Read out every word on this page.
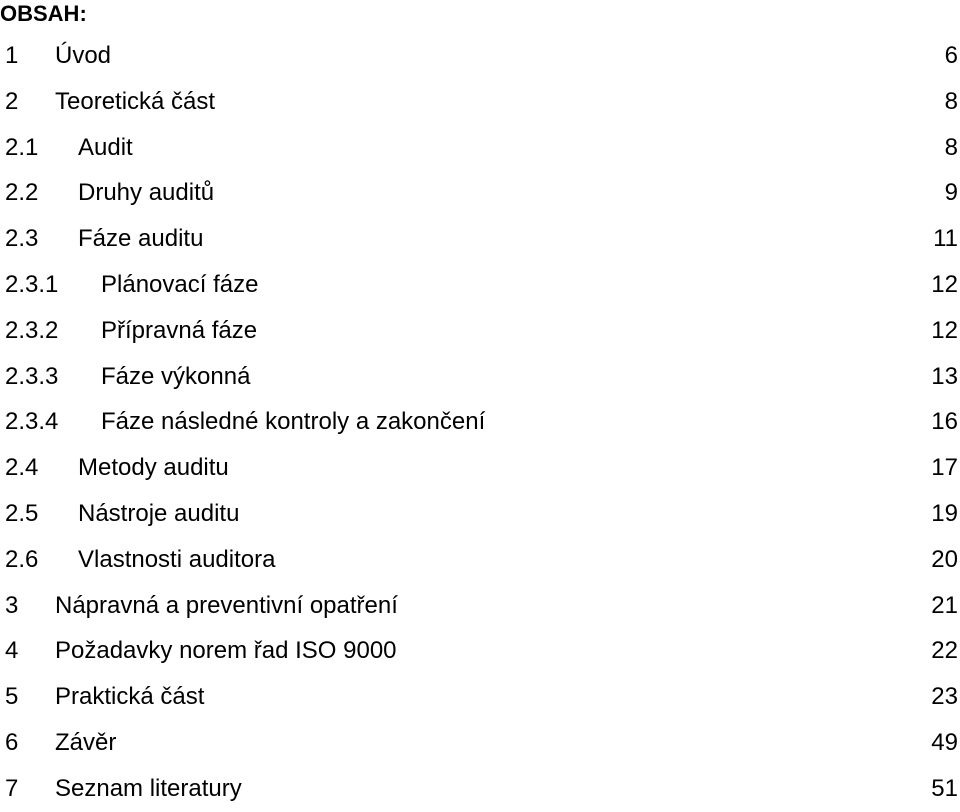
OBSAH:
1 Úvod	6
2 Teoretická část	8
2.1 Audit	8
2.2 Druhy auditů	9
2.3 Fáze auditu	11
2.3.1 Plánovací fáze	12
2.3.2 Přípravná fáze	12
2.3.3 Fáze výkonná	13
2.3.4 Fáze následné kontroly a zakončení	16
2.4 Metody auditu	17
2.5 Nástroje auditu	19
2.6 Vlastnosti auditora	20
3 Nápravná a preventivní opatření	21
4 Požadavky norem řad ISO 9000	22
5 Praktická část	23
6 Závěr	49
7 Seznam literatury	51
